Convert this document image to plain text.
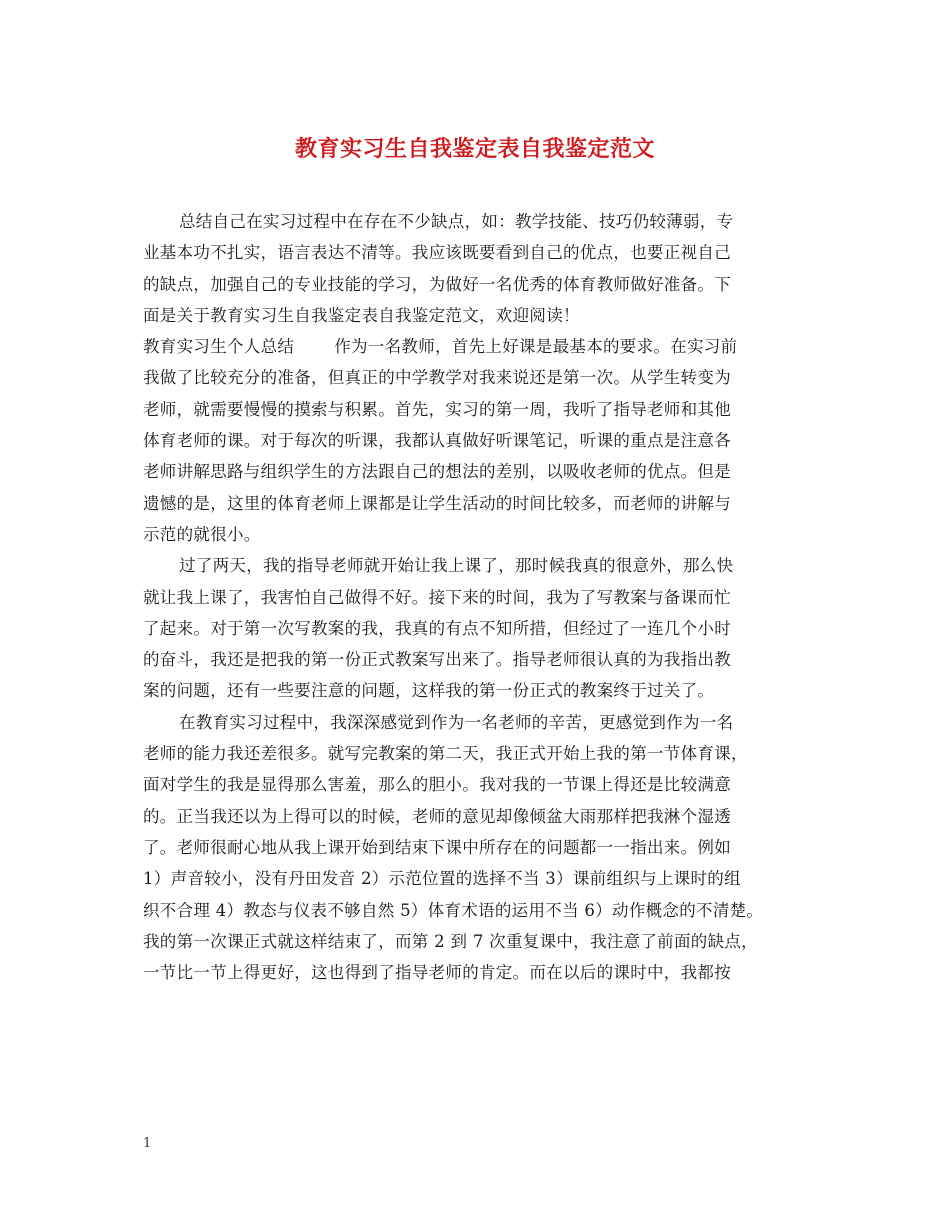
教育实习生自我鉴定表自我鉴定范文
总结自己在实习过程中在存在不少缺点，如：教学技能、技巧仍较薄弱，专
业基本功不扎实，语言表达不清等。我应该既要看到自己的优点，也要正视自己
的缺点，加强自己的专业技能的学习，为做好一名优秀的体育教师做好准备。下
面是关于教育实习生自我鉴定表自我鉴定范文，欢迎阅读！
教育实习生个人总结 作为一名教师，首先上好课是最基本的要求。在实习前
我做了比较充分的准备，但真正的中学教学对我来说还是第一次。从学生转变为
老师，就需要慢慢的摸索与积累。首先，实习的第一周，我听了指导老师和其他
体育老师的课。对于每次的听课，我都认真做好听课笔记，听课的重点是注意各
老师讲解思路与组织学生的方法跟自己的想法的差别，以吸收老师的优点。但是
遗憾的是，这里的体育老师上课都是让学生活动的时间比较多，而老师的讲解与
示范的就很小。
过了两天，我的指导老师就开始让我上课了，那时候我真的很意外，那么快
就让我上课了，我害怕自己做得不好。接下来的时间，我为了写教案与备课而忙
了起来。对于第一次写教案的我，我真的有点不知所措，但经过了一连几个小时
的奋斗，我还是把我的第一份正式教案写出来了。指导老师很认真的为我指出教
案的问题，还有一些要注意的问题，这样我的第一份正式的教案终于过关了。
在教育实习过程中，我深深感觉到作为一名老师的辛苦，更感觉到作为一名
老师的能力我还差很多。就写完教案的第二天，我正式开始上我的第一节体育课，
面对学生的我是显得那么害羞，那么的胆小。我对我的一节课上得还是比较满意
的。正当我还以为上得可以的时候，老师的意见却像倾盆大雨那样把我淋个湿透
了。老师很耐心地从我上课开始到结束下课中所存在的问题都一一指出来。例如
1）声音较小，没有丹田发音 2）示范位置的选择不当 3）课前组织与上课时的组
织不合理 4）教态与仪表不够自然 5）体育术语的运用不当 6）动作概念的不清楚。
我的第一次课正式就这样结束了，而第 2 到 7 次重复课中，我注意了前面的缺点，
一节比一节上得更好，这也得到了指导老师的肯定。而在以后的课时中，我都按
1
